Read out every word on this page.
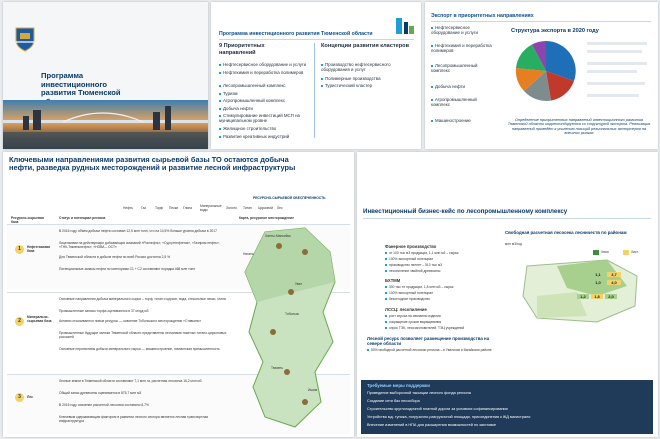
Программа инвестиционного развития Тюменской
Программа инвестиционного развития Тюменской области
9 Приоритетных направлений
Нефтесервисное оборудование и услуги
Нефтехимия и переработка полимеров
Лесопромышленный комплекс
Туризм
Агропромышленный комплекс
Добыча нефти
Стимулирование инвестиций МСП на муниципальном уровне
Жилищное строительство
Развитие креативных индустрий
Концепции развития кластеров
Производство нефтесервисного оборудования и услуг
Полимерные производства
Туристический кластер
Экспорт в приоритетных направлениях
Нефтесервисное оборудование и услуги
Нефтехимия и переработка полимеров
Лесопромышленный комплекс
Добыча нефти
Агропромышленный комплекс
Машиностроение
Структура экспорта в 2020 году
Определение приоритетных направлений инвестиционного развития Тюменской области корреспондируется со структурой экспорта. Реализация направлений приведёт к усилению позиций региональных экспортеров на внешних рынках
Ключевыми направлениями развития сырьевой базы ТО остаются добыча нефти, разведка рудных месторождений и развитие лесной инфраструктуры
Нефть Газ	Торф Пески Глина Минеральные воды	Золото Титан Цирконий Лес
РЕСУРСНО-СЫРЬЕВОЙ ОБЕСПЕЧЕННОСТЬ
Ресурсно-сырьевая база
Статус и потенциал региона	Карта, ресурсное месторождение
1	Нефтегазовая база
В 2016 году объем добычи нефти составил 12,5 млн тонн, что на 14,5% больше уровня добычи в 2017
Лицензиями на действующих добывающих компаний «Роснефть», «Сургутнефтегаз», «Газпром нефть», «ТНК-Тюменьнефть», «НОВА – ОСТ»
Для Тюменской области в добыче нефти по всей России достигла 2,5 %
Потенциальные запасы нефти по категориям С1 + С2 составляют порядка 468 млн тонн
2
Минерально-сырьевая база
Основные направления добычи минерального сырья – торф, титан и циркон, вода, стекольные пески, глина
Промышленные запасы торфа оцениваются в 37 млрд м3
Активно отыскиваются новые ресурсы — освоение Тобольского месторождения «Ставкино»
Промышленные будущие залежи Тюменской области представлены песчанами тяжелых титано-цирконовых россыпей
Основные перспективы добычи минерального сырья — машиностроение, химическая промышленность
3	Лес
Лесные земли в Тюменской области составляют 7,1 млн га, расчетная лесосека 16,2 млн м3
Общий запас древесины оценивается в 875,7 млн м3
В 2016 году освоение расчетной лесосеки составило 8,7%
Ключевым сдерживающим фактором в развитии лесного сектора является лесная транспортная инфраструктура
Ханты-Мансийск
Нягань
Уват
Тобольск
Тюмень
Ишим
Инвестиционный бизнес-кейс по лесопромышленному комплексу
Фанерное производство
от 100 тыс м3 продукции, 1,1 млн м3 – сырья
100% экспортный потенциал
производство пеллет – 510 тыс м3
лесопиление хвойной древесины
БХТММ
300 тыс тн продукции, 1,8 млн м3 – сырья
100% экспортный потенциал
безотходное производство
ЛССЦ: лесопиление
рост спроса на связанны изделия
сокращение сроков выращивания
опрос ТЭК, лесозаготовителей, ТЭЦ учреждений
Лесной ресурс позволяет размещение производства на севере области
50% свободной расчетной лесосеки региона – в Уватском и Вагайском районе
Свободная расчетная лесосека лесничеств по районам
млн м3/год
Хвоя	Лист
1,1	3,7
1,0	4,0
1,2	1,8	2,0
Требуемые меры поддержки
Проведение выборочной таксации лесного фонда региона
Создание сети баз лесосбора
Строительство круглогодичной платной дороги за условиях софинансирования
Устройство мд. тупика, погрузочно-разгрузочной площади, присоединения к ЖД магистрали
Внесение изменений в НПА для расширения возможностей по заготовке
